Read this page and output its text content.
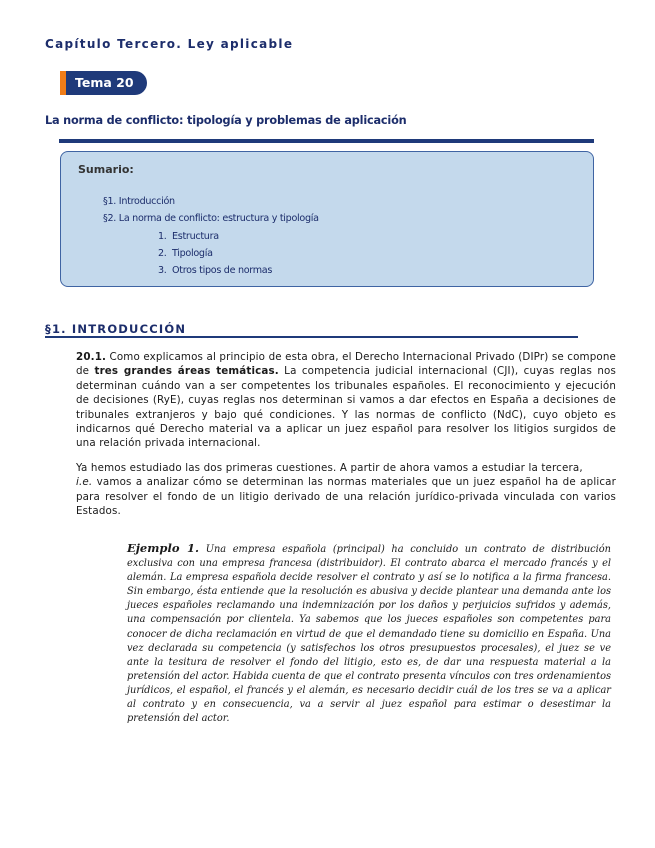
Capítulo Tercero. Ley aplicable
Tema 20
La norma de conflicto: tipología y problemas de aplicación
Sumario:
§1. Introducción
§2. La norma de conflicto: estructura y tipología
1. Estructura
2. Tipología
3. Otros tipos de normas
§1. INTRODUCCIÓN
20.1. Como explicamos al principio de esta obra, el Derecho Internacional Privado (DIPr) se compone de tres grandes áreas temáticas. La competencia judicial internacional (CJI), cuyas reglas nos determinan cuándo van a ser competentes los tribunales españoles. El reconocimiento y ejecución de decisiones (RyE), cuyas reglas nos determinan si vamos a dar efectos en España a decisiones de tribunales extranjeros y bajo qué condiciones. Y las normas de conflicto (NdC), cuyo objeto es indicarnos qué Derecho material va a aplicar un juez español para resolver los litigios surgidos de una relación privada internacional.
Ya hemos estudiado las dos primeras cuestiones. A partir de ahora vamos a estudiar la tercera,
i.e. vamos a analizar cómo se determinan las normas materiales que un juez español ha de aplicar para resolver el fondo de un litigio derivado de una relación jurídico-privada vinculada con varios Estados.
Ejemplo 1. Una empresa española (principal) ha concluido un contrato de distribución exclusiva con una empresa francesa (distribuidor). El contrato abarca el mercado francés y el alemán. La empresa española decide resolver el contrato y así se lo notifica a la firma francesa. Sin embargo, ésta entiende que la resolución es abusiva y decide plantear una demanda ante los jueces españoles reclamando una indemnización por los daños y perjuicios sufridos y además, una compensación por clientela. Ya sabemos que los jueces españoles son competentes para conocer de dicha reclamación en virtud de que el demandado tiene su domicilio en España. Una vez declarada su competencia (y satisfechos los otros presupuestos procesales), el juez se ve ante la tesitura de resolver el fondo del litigio, esto es, de dar una respuesta material a la pretensión del actor. Habida cuenta de que el contrato presenta vínculos con tres ordenamientos jurídicos, el español, el francés y el alemán, es necesario decidir cuál de los tres se va a aplicar al contrato y en consecuencia, va a servir al juez español para estimar o desestimar la pretensión del actor.
